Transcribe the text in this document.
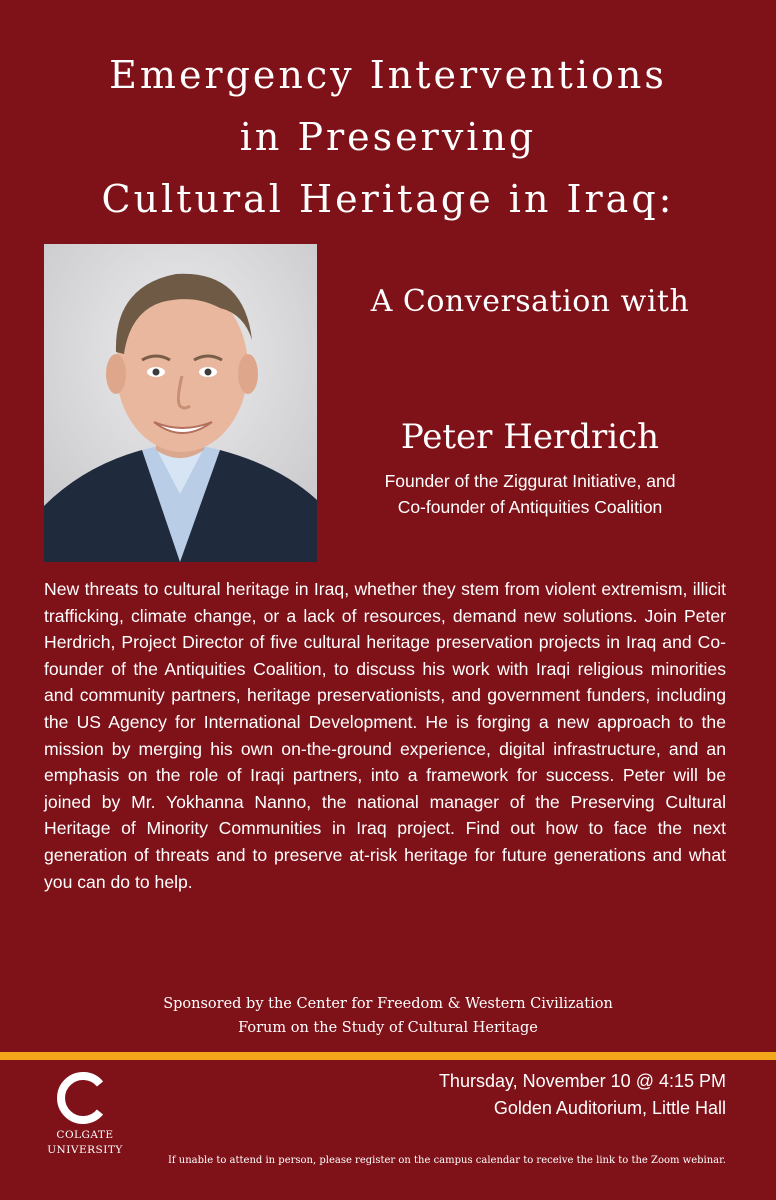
Emergency Interventions
in Preserving
Cultural Heritage in Iraq:
A Conversation with
Peter Herdrich
Founder of the Ziggurat Initiative, and
Co-founder of Antiquities Coalition

New threats to cultural heritage in Iraq, whether they stem from violent extremism, illicit trafficking, climate change, or a lack of resources, demand new solutions. Join Peter Herdrich, Project Director of five cultural heritage preservation projects in Iraq and Co-founder of the Antiquities Coalition, to discuss his work with Iraqi religious minorities and community partners, heritage preservationists, and government funders, including the US Agency for International Development. He is forging a new approach to the mission by merging his own on-the-ground experience, digital infrastructure, and an emphasis on the role of Iraqi partners, into a framework for success. Peter will be joined by Mr. Yokhanna Nanno, the national manager of the Preserving Cultural Heritage of Minority Communities in Iraq project. Find out how to face the next generation of threats and to preserve at-risk heritage for future generations and what you can do to help.

Sponsored by the Center for Freedom & Western Civilization
Forum on the Study of Cultural Heritage
COLGATE
UNIVERSITY
Thursday, November 10 @ 4:15 PM
Golden Auditorium, Little Hall
If unable to attend in person, please register on the campus calendar to receive the link to the Zoom webinar.
